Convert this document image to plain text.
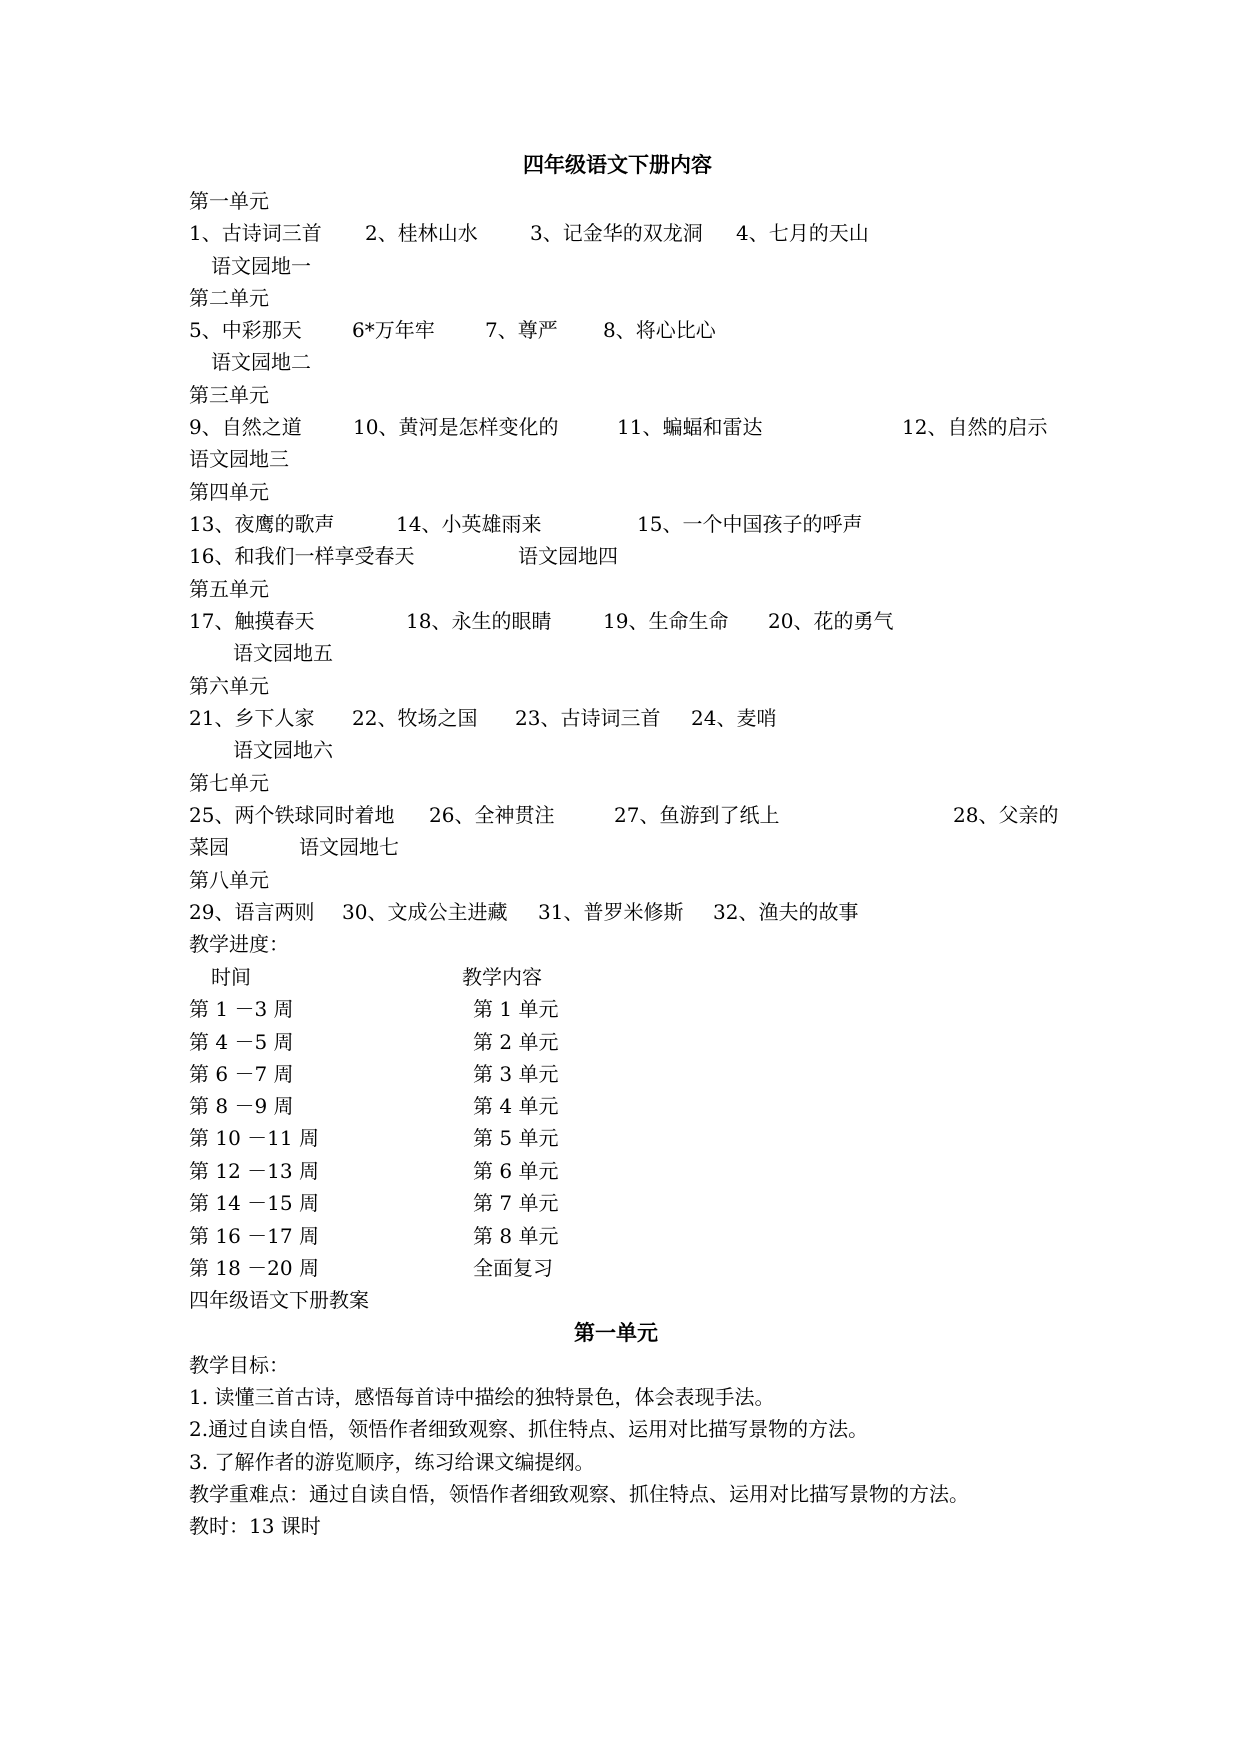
四年级语文下册内容
第一单元
1、古诗词三首 2、桂林山水	3、记金华的双龙洞 4、七月的天山
语文园地一
第二单元
5、中彩那天	6*万年牢	7、尊严 8、将心比心
语文园地二
第三单元
9、自然之道	10、黄河是怎样变化的	11、蝙蝠和雷达	12、自然的启示
语文园地三
第四单元
13、夜鹰的歌声	14、小英雄雨来	15、一个中国孩子的呼声
16、和我们一样享受春天	语文园地四
第五单元
17、触摸春天	18、永生的眼睛	19、生命生命 20、花的勇气
语文园地五
第六单元
21、乡下人家 22、牧场之国 23、古诗词三首 24、麦哨
语文园地六
第七单元
25、两个铁球同时着地 26、全神贯注	27、鱼游到了纸上	28、父亲的
菜园	语文园地七
第八单元
29、语言两则 30、文成公主进藏 31、普罗米修斯 32、渔夫的故事
教学进度：
时间	教学内容
第 1 －3 周	第 1 单元
第 4 －5 周	第 2 单元
第 6 －7 周	第 3 单元
第 8 －9 周	第 4 单元
第 10 －11 周	第 5 单元
第 12 －13 周	第 6 单元
第 14 －15 周	第 7 单元
第 16 －17 周	第 8 单元
第 18 －20 周	全面复习
四年级语文下册教案
第一单元
教学目标：
1. 读懂三首古诗，感悟每首诗中描绘的独特景色，体会表现手法。
2.通过自读自悟，领悟作者细致观察、抓住特点、运用对比描写景物的方法。
3. 了解作者的游览顺序，练习给课文编提纲。
教学重难点：通过自读自悟，领悟作者细致观察、抓住特点、运用对比描写景物的方法。
教时：13 课时
